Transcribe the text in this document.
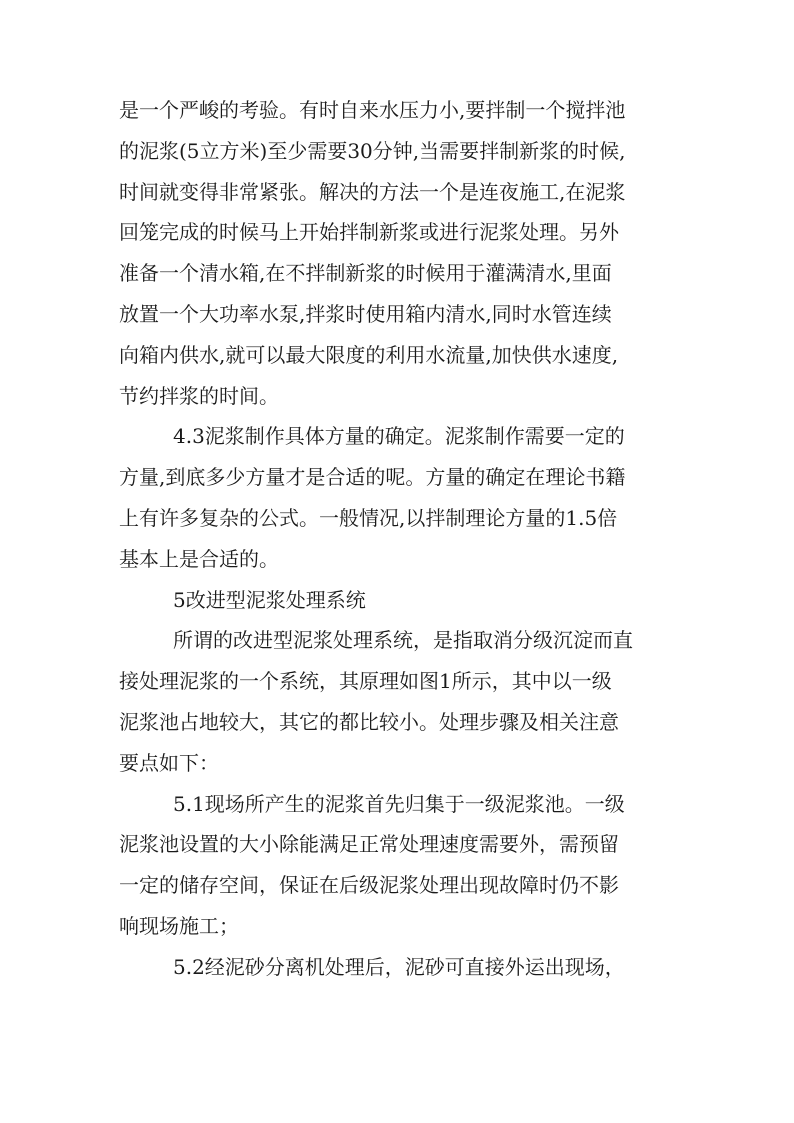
是一个严峻的考验。有时自来水压力小,要拌制一个搅拌池
的泥浆(5立方米)至少需要30分钟,当需要拌制新浆的时候,
时间就变得非常紧张。解决的方法一个是连夜施工,在泥浆
回笼完成的时候马上开始拌制新浆或进行泥浆处理。另外
准备一个清水箱,在不拌制新浆的时候用于灌满清水,里面
放置一个大功率水泵,拌浆时使用箱内清水,同时水管连续
向箱内供水,就可以最大限度的利用水流量,加快供水速度,
节约拌浆的时间。
4.3泥浆制作具体方量的确定。泥浆制作需要一定的
方量,到底多少方量才是合适的呢。方量的确定在理论书籍
上有许多复杂的公式。一般情况,以拌制理论方量的1.5倍
基本上是合适的。
5改进型泥浆处理系统
所谓的改进型泥浆处理系统，是指取消分级沉淀而直
接处理泥浆的一个系统，其原理如图1所示，其中以一级
泥浆池占地较大，其它的都比较小。处理步骤及相关注意
要点如下：
5.1现场所产生的泥浆首先归集于一级泥浆池。一级
泥浆池设置的大小除能满足正常处理速度需要外，需预留
一定的储存空间，保证在后级泥浆处理出现故障时仍不影
响现场施工；
5.2经泥砂分离机处理后，泥砂可直接外运出现场，
